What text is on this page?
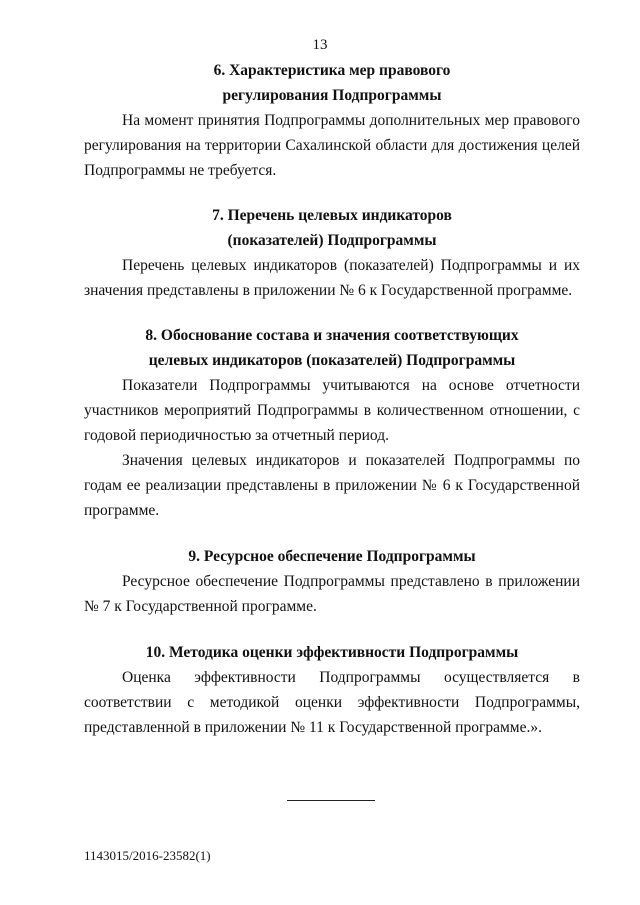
13
6. Характеристика мер правового
регулирования Подпрограммы

На момент принятия Подпрограммы дополнительных мер правового регулирования на территории Сахалинской области для достижения целей Подпрограммы не требуется.

7. Перечень целевых индикаторов
(показателей) Подпрограммы

Перечень целевых индикаторов (показателей) Подпрограммы и их значения представлены в приложении № 6 к Государственной программе.

8. Обоснование состава и значения соответствующих
целевых индикаторов (показателей) Подпрограммы

Показатели Подпрограммы учитываются на основе отчетности участников мероприятий Подпрограммы в количественном отношении, с годовой периодичностью за отчетный период.

Значения целевых индикаторов и показателей Подпрограммы по годам ее реализации представлены в приложении № 6 к Государственной программе.

9. Ресурсное обеспечение Подпрограммы

Ресурсное обеспечение Подпрограммы представлено в приложении № 7 к Государственной программе.

10. Методика оценки эффективности Подпрограммы

Оценка эффективности Подпрограммы осуществляется в соответствии с методикой оценки эффективности Подпрограммы, представленной в приложении № 11 к Государственной программе.».

1143015/2016-23582(1)
